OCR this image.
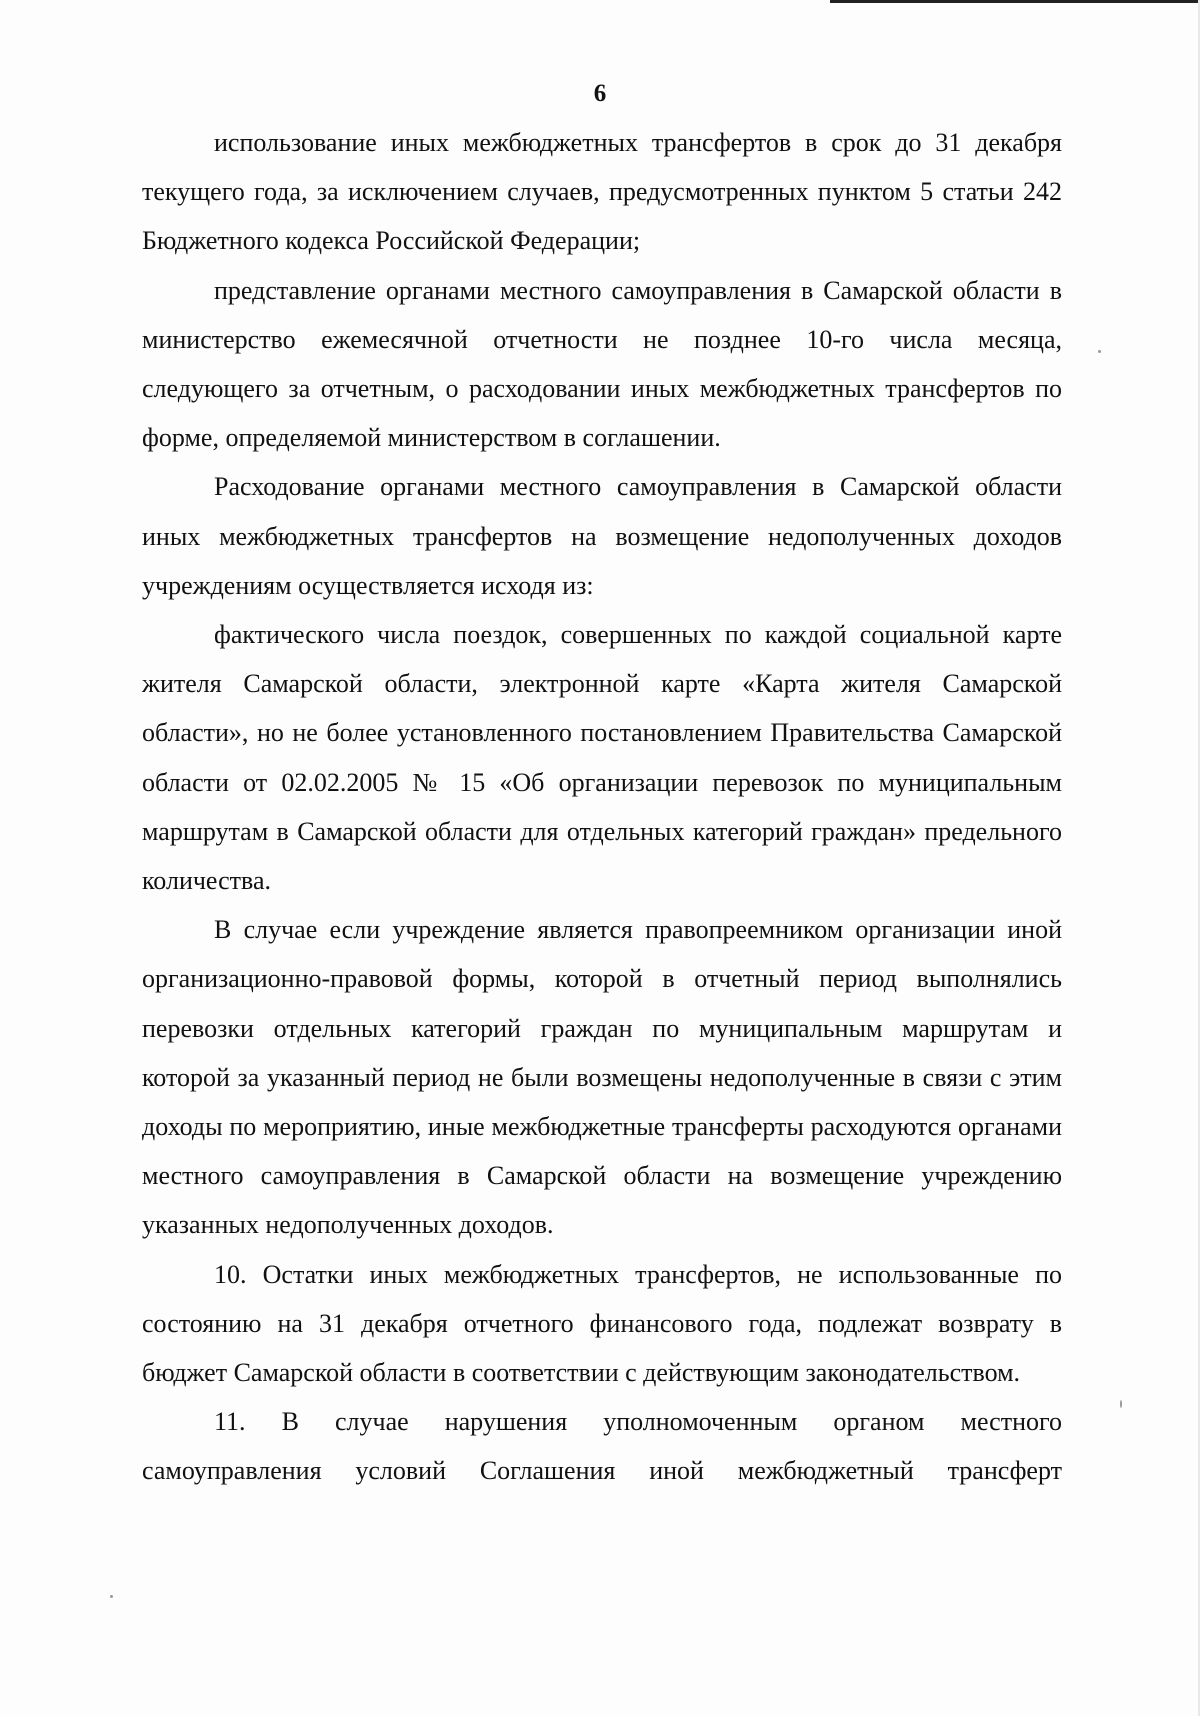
6

использование иных межбюджетных трансфертов в срок до 31 декабря текущего года, за исключением случаев, предусмотренных пунктом 5 статьи 242 Бюджетного кодекса Российской Федерации;

представление органами местного самоуправления в Самарской области в министерство ежемесячной отчетности не позднее 10-го числа месяца, следующего за отчетным, о расходовании иных межбюджетных трансфертов по форме, определяемой министерством в соглашении.

Расходование органами местного самоуправления в Самарской области иных межбюджетных трансфертов на возмещение недополученных доходов учреждениям осуществляется исходя из:

фактического числа поездок, совершенных по каждой социальной карте жителя Самарской области, электронной карте «Карта жителя Самарской области», но не более установленного постановлением Правительства Самарской области от 02.02.2005 № 15 «Об организации перевозок по муниципальным маршрутам в Самарской области для отдельных категорий граждан» предельного количества.

В случае если учреждение является правопреемником организации иной организационно-правовой формы, которой в отчетный период выполнялись перевозки отдельных категорий граждан по муниципальным маршрутам и которой за указанный период не были возмещены недополученные в связи с этим доходы по мероприятию, иные межбюджетные трансферты расходуются органами местного самоуправления в Самарской области на возмещение учреждению указанных недополученных доходов.

10. Остатки иных межбюджетных трансфертов, не использованные по состоянию на 31 декабря отчетного финансового года, подлежат возврату в бюджет Самарской области в соответствии с действующим законодательством.

11. В случае нарушения уполномоченным органом местного самоуправления условий Соглашения иной межбюджетный трансферт
